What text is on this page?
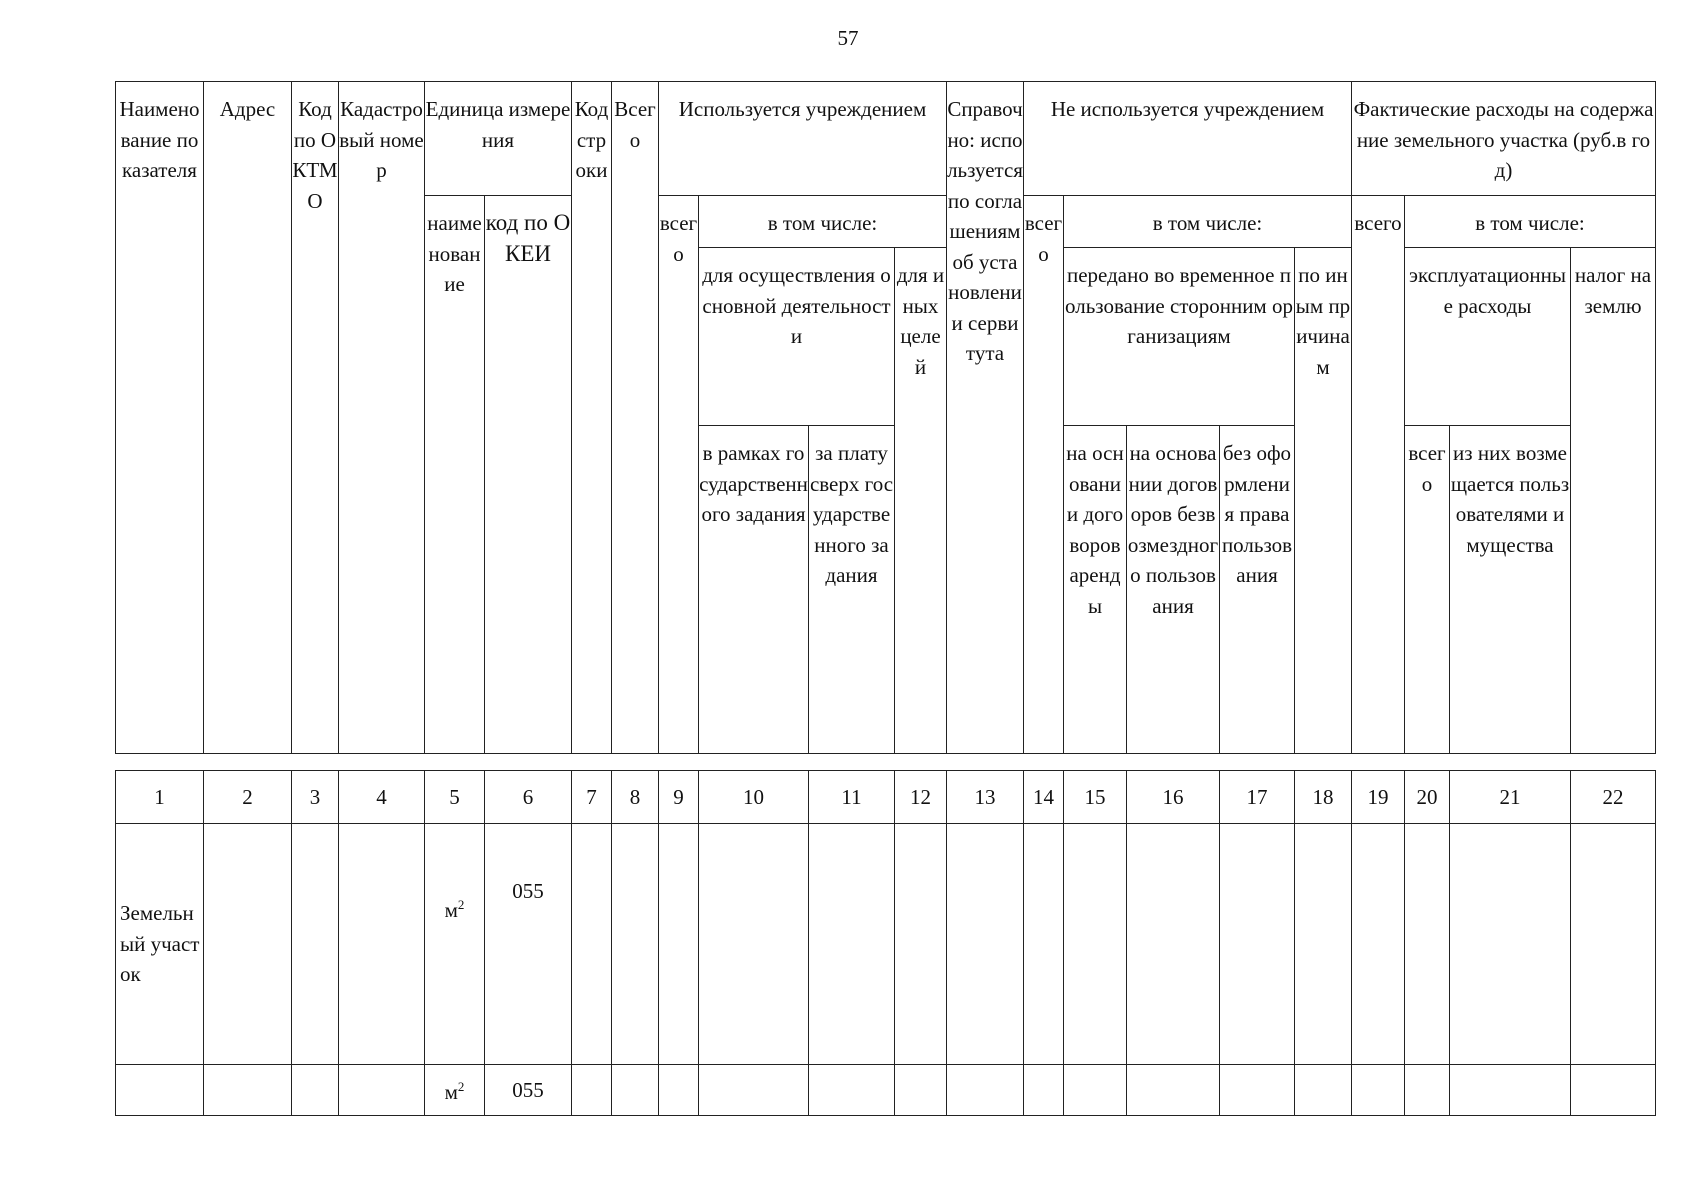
57
Наименование показателя	Адрес	Код по ОКТМО	Кадастровый номер	Единица измерения		Код строки	Всего	Используется учреждением				Справочно: используется по соглашениям об установлении сервитута	Не используется учреждением					Фактические расходы на содержание земельного участка (руб.в год)			
				наименование	код по ОКЕИ			всего	в том числе:				всего	в том числе:				всего	в том числе:		
									для осуществления основной деятельности		для иных целей			передано во временное пользование сторонним организациям			по иным причинам		эксплуатационные расходы		налог на землю
									в рамках государственного задания	за плату сверх государственного задания				на основании договоров аренды	на основании договоров безвозмездного пользования	без оформления права пользования			всего	из них возмещается пользователями имущества	
1	2	3	4	5	6	7	8	9	10	11	12	13	14	15	16	17	18	19	20	21	22
Земельный участок				$м^2$	055																
				$м^2$	055																
